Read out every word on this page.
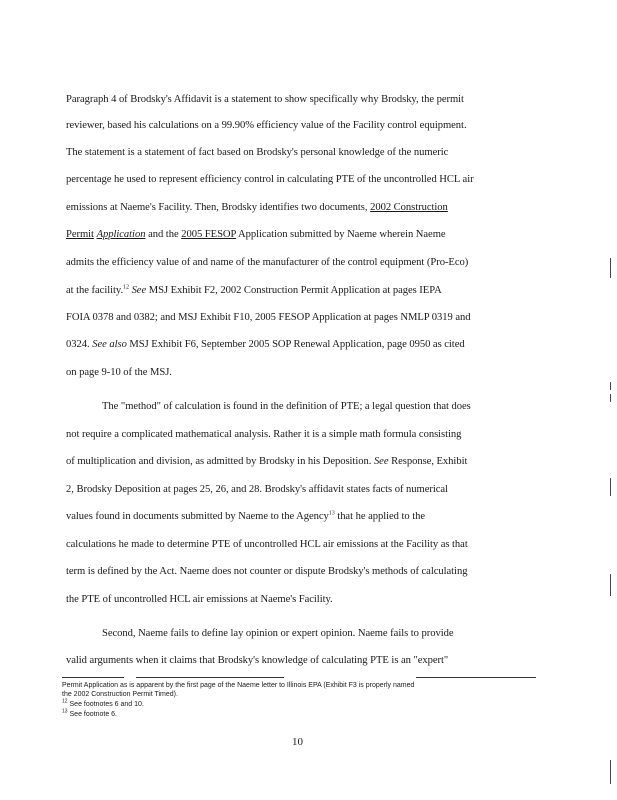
Paragraph 4 of Brodsky's Affidavit is a statement to show specifically why Brodsky, the permit
reviewer, based his calculations on a 99.90% efficiency value of the Facility control equipment.
The statement is a statement of fact based on Brodsky's personal knowledge of the numeric
percentage he used to represent efficiency control in calculating PTE of the uncontrolled HCL air
emissions at Naeme's Facility. Then, Brodsky identifies two documents, 2002 Construction
Permit Application and the 2005 FESOP Application submitted by Naeme wherein Naeme
admits the efficiency value of and name of the manufacturer of the control equipment (Pro-Eco)
at the facility.$^{12}$ See MSJ Exhibit F2, 2002 Construction Permit Application at pages IEPA
FOIA 0378 and 0382; and MSJ Exhibit F10, 2005 FESOP Application at pages NMLP 0319 and
0324. See also MSJ Exhibit F6, September 2005 SOP Renewal Application, page 0950 as cited
on page 9-10 of the MSJ.
The "method" of calculation is found in the definition of PTE; a legal question that does
not require a complicated mathematical analysis. Rather it is a simple math formula consisting
of multiplication and division, as admitted by Brodsky in his Deposition. See Response, Exhibit
2, Brodsky Deposition at pages 25, 26, and 28. Brodsky's affidavit states facts of numerical
values found in documents submitted by Naeme to the Agency$^{13}$ that he applied to the
calculations he made to determine PTE of uncontrolled HCL air emissions at the Facility as that
term is defined by the Act. Naeme does not counter or dispute Brodsky's methods of calculating
the PTE of uncontrolled HCL air emissions at Naeme's Facility.
Second, Naeme fails to define lay opinion or expert opinion. Naeme fails to provide
valid arguments when it claims that Brodsky's knowledge of calculating PTE is an "expert"
Permit Application as is apparent by the first page of the Naeme letter to Illinois EPA (Exhibit F3 is properly named
the 2002 Construction Permit Timed).
$^{12}$ See footnotes 6 and 10.
$^{13}$ See footnote 6.
10
